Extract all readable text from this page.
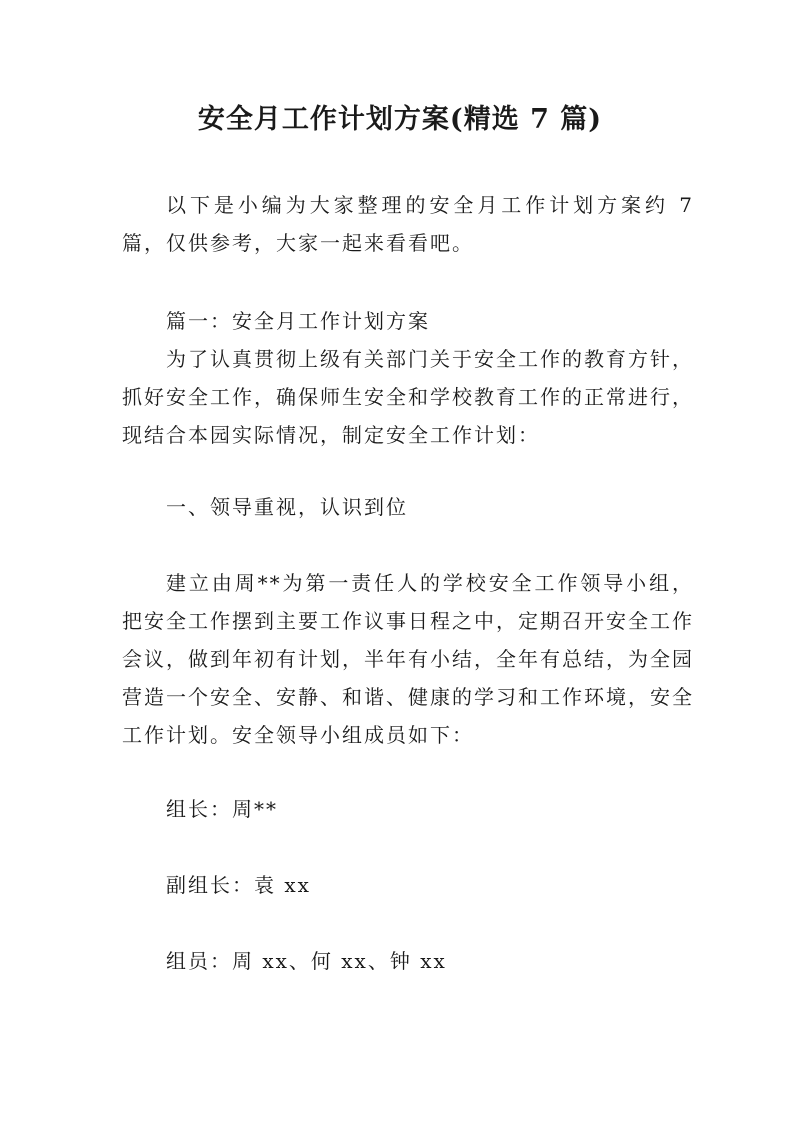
安全月工作计划方案(精选 7 篇)

以下是小编为大家整理的安全月工作计划方案约 7 篇，仅供参考，大家一起来看看吧。

篇一：安全月工作计划方案

为了认真贯彻上级有关部门关于安全工作的教育方针，抓好安全工作，确保师生安全和学校教育工作的正常进行，现结合本园实际情况，制定安全工作计划：

一、领导重视，认识到位

建立由周**为第一责任人的学校安全工作领导小组，把安全工作摆到主要工作议事日程之中，定期召开安全工作会议，做到年初有计划，半年有小结，全年有总结，为全园营造一个安全、安静、和谐、健康的学习和工作环境，安全工作计划。安全领导小组成员如下：

组长：周**

副组长：袁 xx

组员：周 xx、何 xx、钟 xx
